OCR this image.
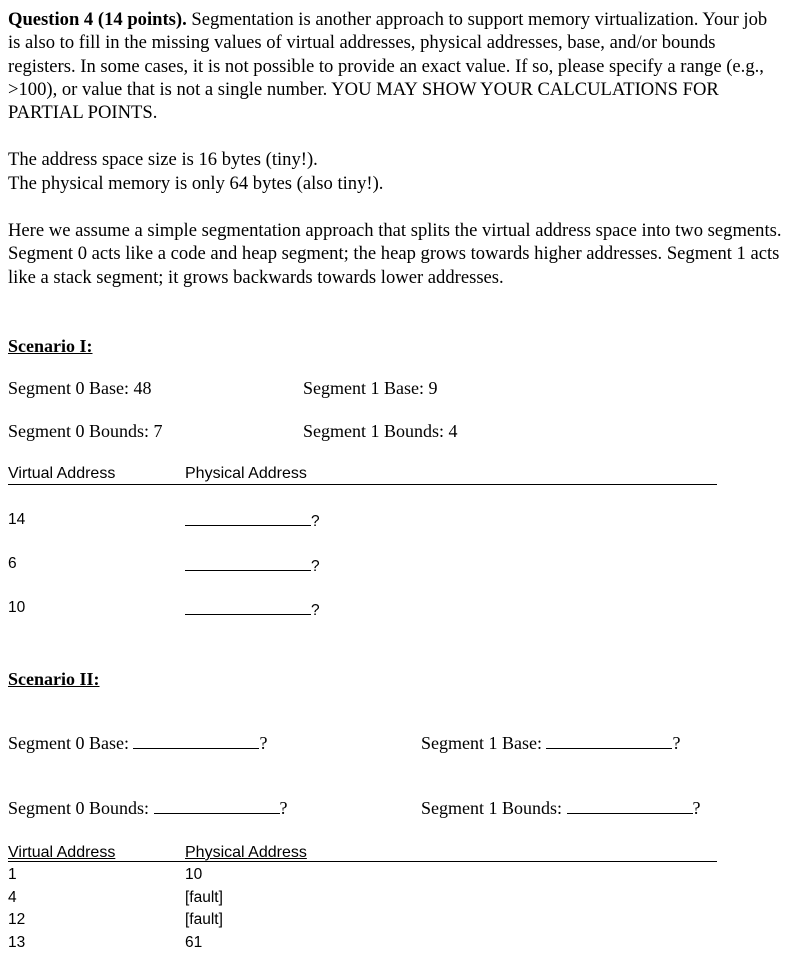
Question 4 (14 points). Segmentation is another approach to support memory virtualization. Your job is also to fill in the missing values of virtual addresses, physical addresses, base, and/or bounds registers. In some cases, it is not possible to provide an exact value. If so, please specify a range (e.g., >100), or value that is not a single number. YOU MAY SHOW YOUR CALCULATIONS FOR PARTIAL POINTS.
The address space size is 16 bytes (tiny!).
The physical memory is only 64 bytes (also tiny!).
Here we assume a simple segmentation approach that splits the virtual address space into two segments. Segment 0 acts like a code and heap segment; the heap grows towards higher addresses. Segment 1 acts like a stack segment; it grows backwards towards lower addresses.
Scenario I:
Segment 0 Base: 48	Segment 1 Base: 9
Segment 0 Bounds: 7	Segment 1 Bounds: 4
Virtual Address	Physical Address
14	?
6	?
10	?
Scenario II:
Segment 0 Base:	?	Segment 1 Base:	?
Segment 0 Bounds:	?	Segment 1 Bounds:	?
Virtual Address	Physical Address
1	10
4	[fault]
12	[fault]
13	61
